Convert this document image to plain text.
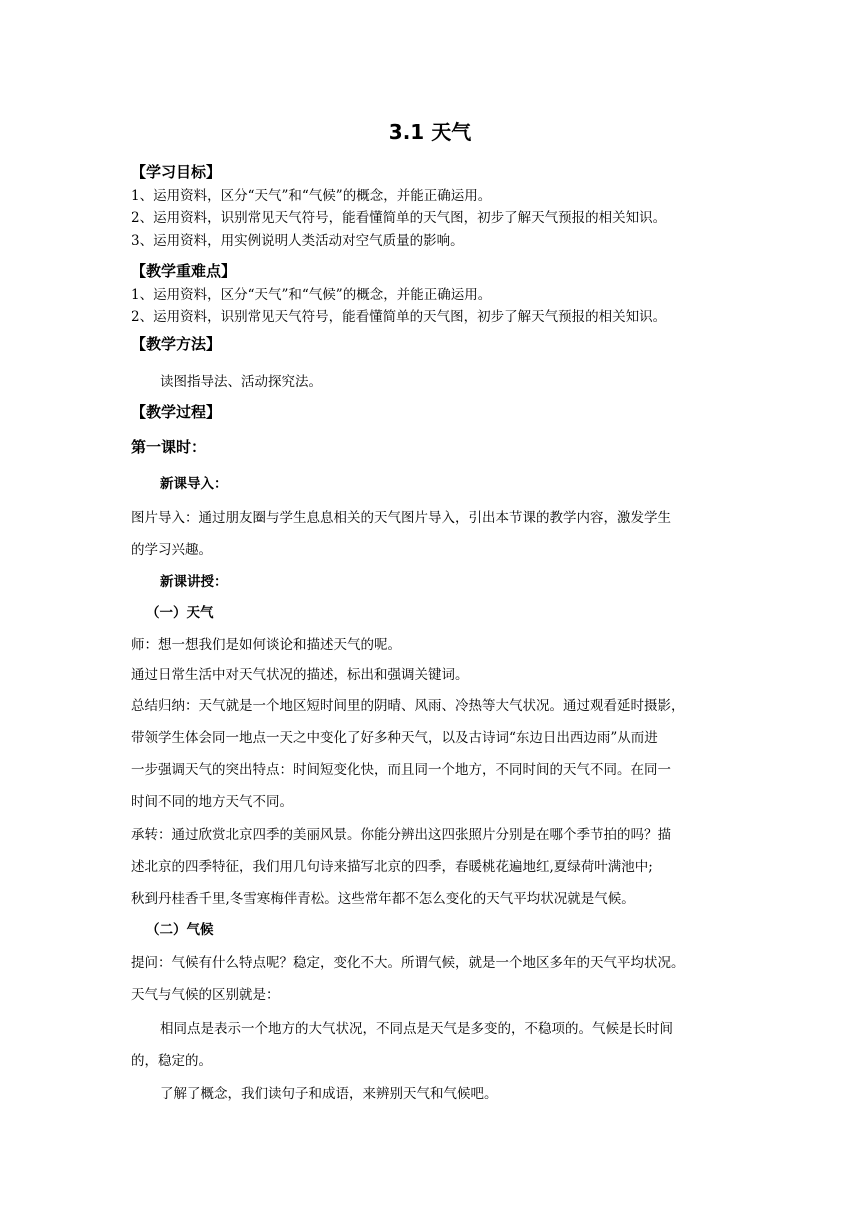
3.1 天气
【学习目标】
1、运用资料，区分“天气”和“气候”的概念，并能正确运用。
2、运用资料，识别常见天气符号，能看懂简单的天气图，初步了解天气预报的相关知识。
3、运用资料，用实例说明人类活动对空气质量的影响。
【教学重难点】
1、运用资料，区分“天气”和“气候”的概念，并能正确运用。
2、运用资料，识别常见天气符号，能看懂简单的天气图，初步了解天气预报的相关知识。
【教学方法】
读图指导法、活动探究法。
【教学过程】
第一课时：
新课导入：
图片导入：通过朋友圈与学生息息相关的天气图片导入，引出本节课的教学内容，激发学生
的学习兴趣。
新课讲授：
（一）天气
师：想一想我们是如何谈论和描述天气的呢。
通过日常生活中对天气状况的描述，标出和强调关键词。
总结归纳：天气就是一个地区短时间里的阴晴、风雨、冷热等大气状况。通过观看延时摄影，
带领学生体会同一地点一天之中变化了好多种天气，以及古诗词“东边日出西边雨”从而进
一步强调天气的突出特点：时间短变化快，而且同一个地方，不同时间的天气不同。在同一
时间不同的地方天气不同。
承转：通过欣赏北京四季的美丽风景。你能分辨出这四张照片分别是在哪个季节拍的吗？描
述北京的四季特征，我们用几句诗来描写北京的四季，春暖桃花遍地红,夏绿荷叶满池中;
秋到丹桂香千里,冬雪寒梅伴青松。这些常年都不怎么变化的天气平均状况就是气候。
（二）气候
提问：气候有什么特点呢？稳定，变化不大。所谓气候，就是一个地区多年的天气平均状况。
天气与气候的区别就是：
相同点是表示一个地方的大气状况，不同点是天气是多变的，不稳项的。气候是长时间
的，稳定的。
了解了概念，我们读句子和成语，来辨别天气和气候吧。
